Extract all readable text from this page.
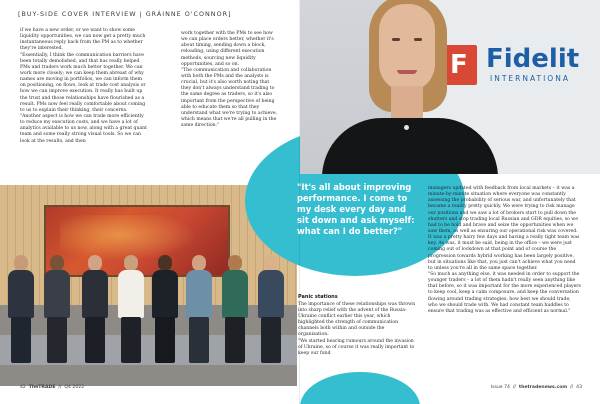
[BUY-SIDE COVER INTERVIEW | GRÁINNE O'CONNOR]

if we have a new order, or we want to show some liquidity opportunities, we can now get a pretty much instantaneous reply back from the PM as to whether they're interested.

"Essentially, I think the communication barriers have been totally demolished, and that has really helped PMs and traders work much better together. We can work more closely; we can keep them abreast of why names are moving in portfolios, we can inform them on positioning, on flows, look at trade cost analysis or how we can improve execution. It really has built up the trust and those relationships have flourished as a result. PMs now feel really comfortable about coming to us to explain their thinking, their concerns.

"Another aspect is how we can trade more efficiently to reduce my execution costs, and we have a lot of analytics available to us now, along with a great quant team and some really strong visual tools. So we can look at the results, and then

work together with the PMs to see how we can place orders better, whether it's about timing, sending down a block, reloading, using different execution methods, sourcing new liquidity opportunities, and so on.

"The communication and collaboration with both the PMs and the analysts is crucial, but it's also worth noting that they don't always understand trading to the same degree as traders, so it's also important from the perspective of being able to educate them so that they understand what we're trying to achieve, which means that we're all pulling in the same direction."

F Fidelit
INTERNATIONA
"It's all about improving performance. I come to my desk every day and sit down and ask myself: what can I do better?"

Panic stations

The importance of these relationships was thrown into sharp relief with the advent of the Russia-Ukraine conflict earlier this year, which highlighted the strength of communication channels both within and outside the organisation.

"We started hearing rumours around the invasion of Ukraine, so of course it was really important to keep our fund

managers updated with feedback from local markets – it was a minute-by-minute situation where everyone was constantly assessing the probability of serious war, and unfortunately that became a reality pretty quickly. We were trying to risk manage our positions and we saw a lot of brokers start to pull down the shutters and stop trading local Russian and GDR equities, so we had to be bold and brave and seize the opportunities when we saw them, as well as ensuring our operational risk was covered. It was a pretty hairy few days and having a really tight team was key. As was, it must be said, being in the office – we were just coming out of lockdown at that point and of course the progression towards hybrid working has been largely positive, but in situations like that, you just can't achieve what you need to unless you're all in the same space together.

"So much as anything else, it was needed in order to support the younger traders – a lot of them hadn't really seen anything like that before, so it was important for the more experienced players to keep cool, keep a calm composure, and keep the conversation flowing around trading strategies, how best we should trade, who we should trade with. We had constant team huddles to ensure that trading was as effective and efficient as normal."

42 TheTRADE  //  Q4 2022	Issue 74  //  thetradenews.com  //  43
